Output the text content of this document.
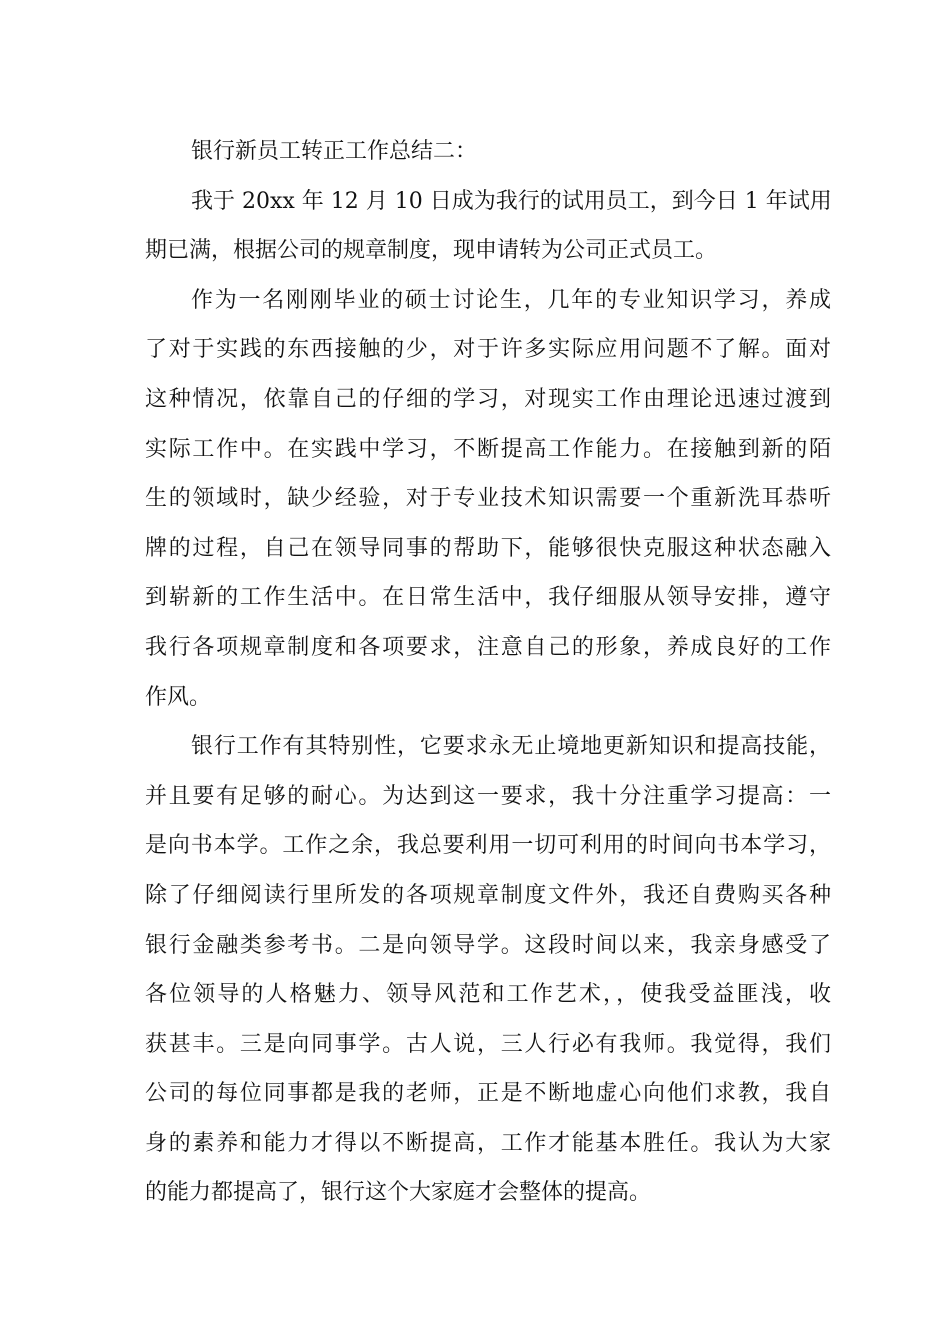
银行新员工转正工作总结二：
我于 20xx 年 12 月 10 日成为我行的试用员工，到今日 1 年试用
期已满，根据公司的规章制度，现申请转为公司正式员工。
作为一名刚刚毕业的硕士讨论生，几年的专业知识学习，养成
了对于实践的东西接触的少，对于许多实际应用问题不了解。面对
这种情况，依靠自己的仔细的学习，对现实工作由理论迅速过渡到
实际工作中。在实践中学习，不断提高工作能力。在接触到新的陌
生的领域时，缺少经验，对于专业技术知识需要一个重新洗耳恭听
牌的过程，自己在领导同事的帮助下，能够很快克服这种状态融入
到崭新的工作生活中。在日常生活中，我仔细服从领导安排，遵守
我行各项规章制度和各项要求，注意自己的形象，养成良好的工作
作风。
银行工作有其特别性，它要求永无止境地更新知识和提高技能，
并且要有足够的耐心。为达到这一要求，我十分注重学习提高：一
是向书本学。工作之余，我总要利用一切可利用的时间向书本学习，
除了仔细阅读行里所发的各项规章制度文件外，我还自费购买各种
银行金融类参考书。二是向领导学。这段时间以来，我亲身感受了
各位领导的人格魅力、领导风范和工作艺术，，使我受益匪浅，收
获甚丰。三是向同事学。古人说，三人行必有我师。我觉得，我们
公司的每位同事都是我的老师，正是不断地虚心向他们求教，我自
身的素养和能力才得以不断提高，工作才能基本胜任。我认为大家
的能力都提高了，银行这个大家庭才会整体的提高。
